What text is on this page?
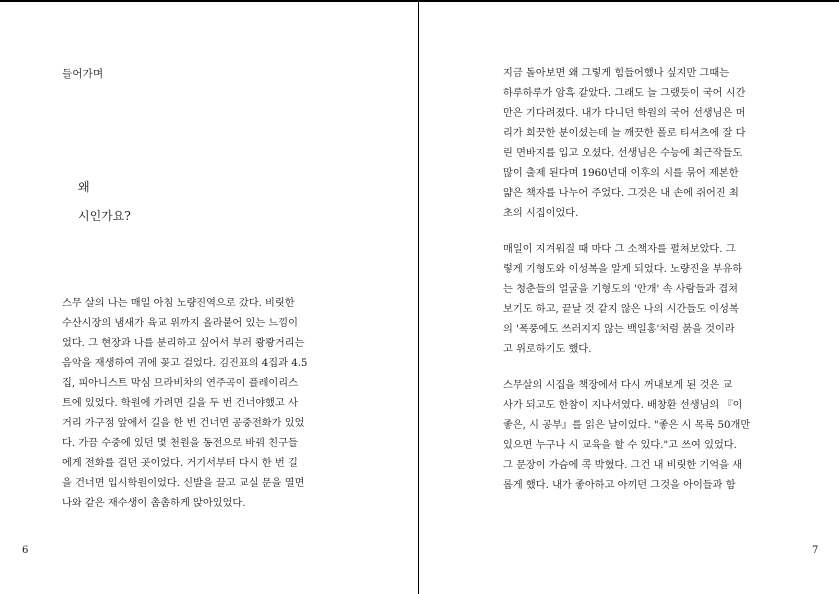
들어가며
왜
시인가요?
스무 살의 나는 매일 아침 노량진역으로 갔다. 비릿한
수산시장의 냄새가 육교 위까지 올라붙어 있는 느낌이
었다. 그 현장과 나를 분리하고 싶어서 부러 쾅쾅거리는
음악을 재생하여 귀에 꽂고 걸었다. 김진표의 4집과 4.5
집, 피아니스트 막심 므라비차의 연주곡이 플레이리스
트에 있었다. 학원에 가려면 길을 두 번 건너야했고 사
거리 가구점 앞에서 길을 한 번 건너면 공중전화가 있었
다. 가끔 수중에 있던 몇 천원을 동전으로 바꿔 친구들
에게 전화를 걸던 곳이었다. 거기서부터 다시 한 번 길
을 건너면 입시학원이었다. 신발을 끌고 교실 문을 열면
나와 같은 재수생이 촘촘하게 앉아있었다.
6
지금 돌아보면 왜 그렇게 힘들어했나 싶지만 그때는
하루하루가 암흑 같았다. 그래도 늘 그랬듯이 국어 시간
만은 기다려졌다. 내가 다니던 학원의 국어 선생님은 머
리가 희끗한 분이셨는데 늘 깨끗한 폴로 티셔츠에 잘 다
린 면바지를 입고 오셨다. 선생님은 수능에 최근작들도
많이 출제 된다며 1960년대 이후의 시를 묶어 제본한
얇은 책자를 나누어 주었다. 그것은 내 손에 쥐어진 최
초의 시집이었다.
매일이 지겨워질 때 마다 그 소책자를 펼쳐보았다. 그
렇게 기형도와 이성복을 알게 되었다. 노량진을 부유하
는 청춘들의 얼굴을 기형도의 '안개' 속 사람들과 겹쳐
보기도 하고, 끝날 것 같지 않은 나의 시간들도 이성복
의 '폭풍에도 쓰러지지 않는 백일홍'처럼 붉을 것이라
고 위로하기도 했다.
스무살의 시집을 책장에서 다시 꺼내보게 된 것은 교
사가 되고도 한참이 지나서였다. 배창환 선생님의 『이
좋은, 시 공부』를 읽은 날이었다. "좋은 시 목록 50개만
있으면 누구나 시 교육을 할 수 있다."고 쓰여 있었다.
그 문장이 가슴에 콕 박혔다. 그건 내 비릿한 기억을 새
롭게 했다. 내가 좋아하고 아끼던 그것을 아이들과 함
7
